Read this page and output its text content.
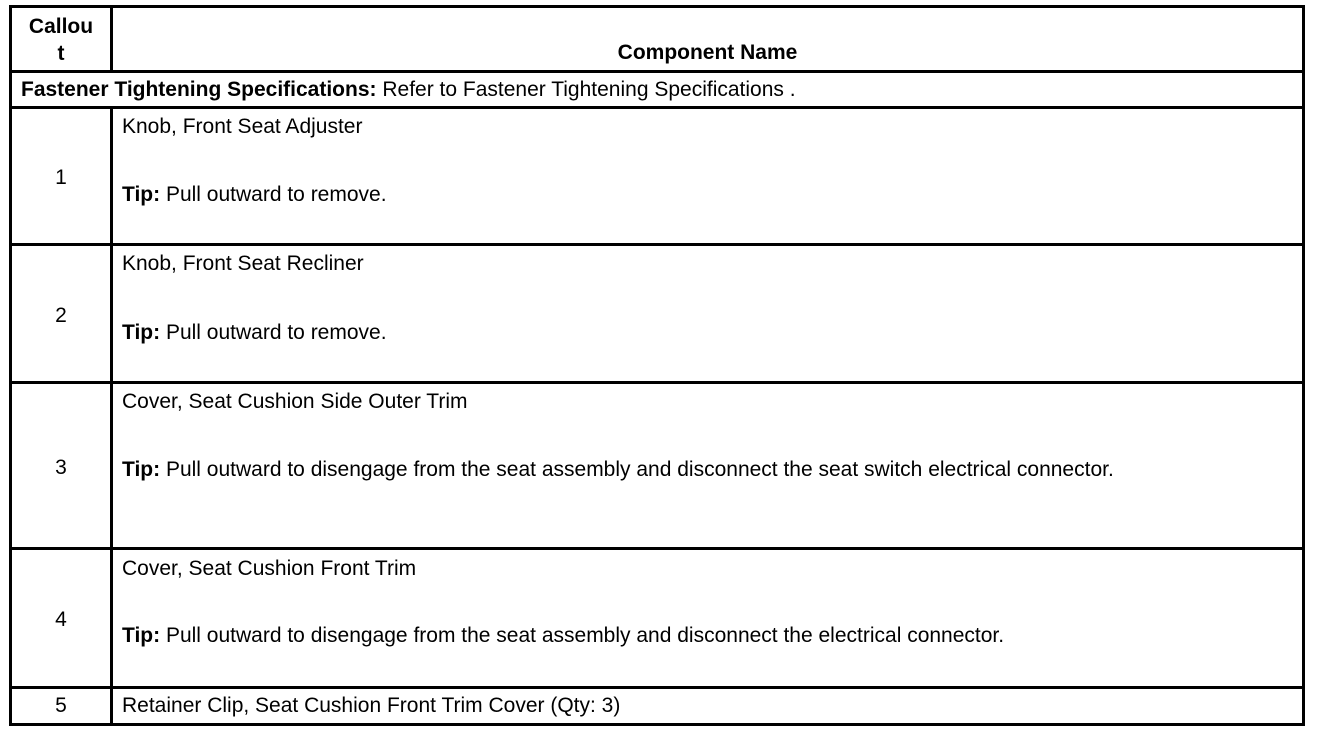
Callou
t	Component Name
Fastener Tightening Specifications: Refer to Fastener Tightening Specifications .
1
Knob, Front Seat Adjuster
Tip: Pull outward to remove.
2
Knob, Front Seat Recliner
Tip: Pull outward to remove.
3
Cover, Seat Cushion Side Outer Trim
Tip: Pull outward to disengage from the seat assembly and disconnect the seat switch electrical connector.
4
Cover, Seat Cushion Front Trim
Tip: Pull outward to disengage from the seat assembly and disconnect the electrical connector.
5	Retainer Clip, Seat Cushion Front Trim Cover (Qty: 3)
